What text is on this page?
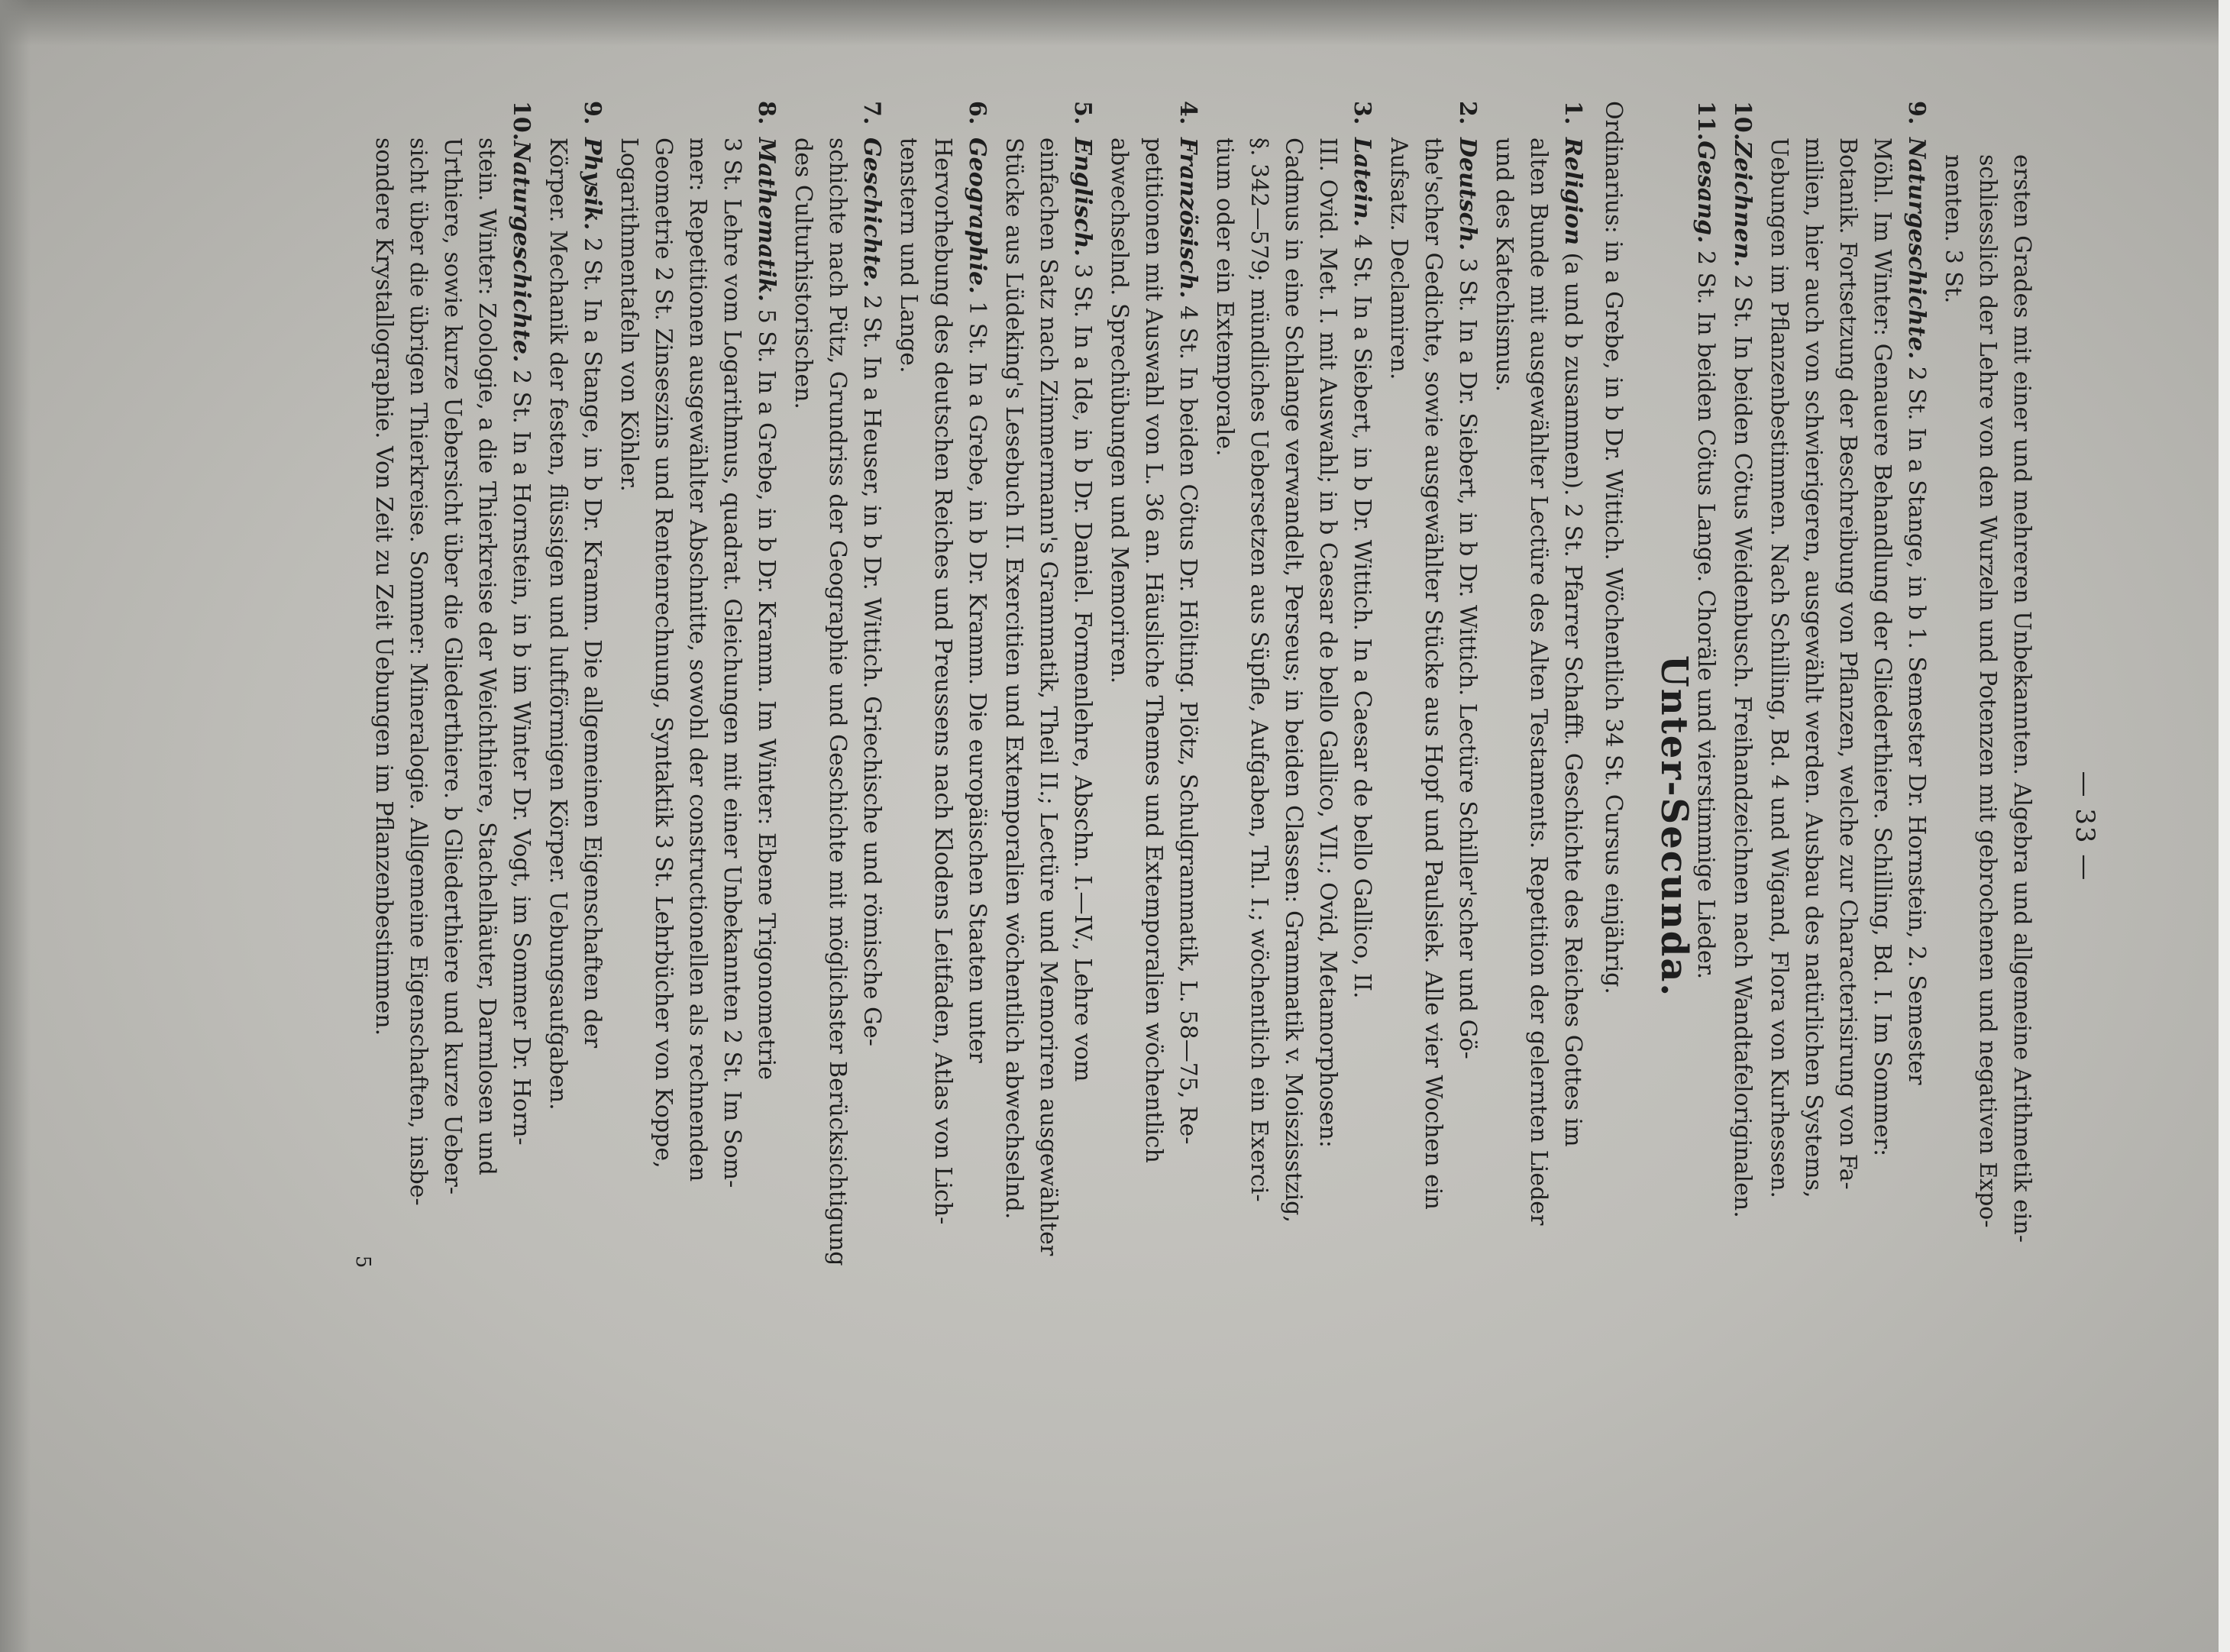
— 33 —
ersten Grades mit einer und mehreren Unbekannten. Algebra und allgemeine Arithmetik ein-
schliesslich der Lehre von den Wurzeln und Potenzen mit gebrochenen und negativen Expo-
nenten. 3 St.
9.Naturgeschichte. 2 St. In a Stange, in b 1. Semester Dr. Hornstein, 2. Semester
Möhl. Im Winter: Genauere Behandlung der Gliederthiere. Schilling, Bd. I. Im Sommer:
Botanik. Fortsetzung der Beschreibung von Pflanzen, welche zur Characterisirung von Fa-
milien, hier auch von schwierigeren, ausgewählt werden. Ausbau des natürlichen Systems,
Uebungen im Pflanzenbestimmen. Nach Schilling, Bd. 4 und Wigand, Flora von Kurhessen.
10.Zeichnen. 2 St. In beiden Cötus Weidenbusch. Freihandzeichnen nach Wandtafeloriginalen.
11.Gesang. 2 St. In beiden Cötus Lange. Choräle und vierstimmige Lieder.
Unter-Secunda.
Ordinarius: in a Grebe, in b Dr. Wittich. Wöchentlich 34 St. Cursus einjährig.
1.Religion (a und b zusammen). 2 St. Pfarrer Schafft. Geschichte des Reiches Gottes im
alten Bunde mit ausgewählter Lectüre des Alten Testaments. Repetition der gelernten Lieder
und des Katechismus.
2.Deutsch. 3 St. In a Dr. Siebert, in b Dr. Wittich. Lectüre Schiller'scher und Gö-
the'scher Gedichte, sowie ausgewählter Stücke aus Hopf und Paulsiek. Alle vier Wochen ein
Aufsatz. Declamiren.
3.Latein. 4 St. In a Siebert, in b Dr. Wittich. In a Caesar de bello Gallico, II.
III. Ovid. Met. I. mit Auswahl; in b Caesar de bello Gallico, VII.; Ovid, Metamorphosen:
Cadmus in eine Schlange verwandelt, Perseus; in beiden Classen: Grammatik v. Moiszisstzig,
§. 342—579; mündliches Uebersetzen aus Süpfle, Aufgaben, Thl. I.; wöchentlich ein Exerci-
tium oder ein Extemporale.
4.Französisch. 4 St. In beiden Cötus Dr. Hölting. Plötz, Schulgrammatik, L. 58—75, Re-
petitionen mit Auswahl von L. 36 an. Häusliche Themes und Extemporalien wöchentlich
abwechselnd. Sprechübungen und Memoriren.
5.Englisch. 3 St. In a Ide, in b Dr. Daniel. Formenlehre, Abschn. I.—IV., Lehre vom
einfachen Satz nach Zimmermann's Grammatik, Theil II.; Lectüre und Memoriren ausgewählter
Stücke aus Lüdeking's Lesebuch II. Exercitien und Extemporalien wöchentlich abwechselnd.
6.Geographie. 1 St. In a Grebe, in b Dr. Kramm. Die europäischen Staaten unter
Hervorhebung des deutschen Reiches und Preussens nach Klodens Leitfaden, Atlas von Lich-
tenstern und Lange.
7.Geschichte. 2 St. In a Heuser, in b Dr. Wittich. Griechische und römische Ge-
schichte nach Pütz, Grundriss der Geographie und Geschichte mit möglichster Berücksichtigung
des Culturhistorischen.
8.Mathematik. 5 St. In a Grebe, in b Dr. Kramm. Im Winter: Ebene Trigonometrie
3 St. Lehre vom Logarithmus, quadrat. Gleichungen mit einer Unbekannten 2 St. Im Som-
mer: Repetitionen ausgewählter Abschnitte, sowohl der constructionellen als rechnenden
Geometrie 2 St. Zinseszins und Rentenrechnung, Syntaktik 3 St. Lehrbücher von Koppe,
Logarithmentafeln von Köhler.
9.Physik. 2 St. In a Stange, in b Dr. Kramm. Die allgemeinen Eigenschaften der
Körper. Mechanik der festen, flüssigen und luftförmigen Körper. Uebungsaufgaben.
10.Naturgeschichte. 2 St. In a Hornstein, in b im Winter Dr. Vogt, im Sommer Dr. Horn-
stein. Winter: Zoologie, a die Thierkreise der Weichthiere, Stachelhäuter, Darmlosen und
Urthiere, sowie kurze Uebersicht über die Gliederthiere. b Gliederthiere und kurze Ueber-
sicht über die übrigen Thierkreise. Sommer: Mineralogie. Allgemeine Eigenschaften, insbe-
sondere Krystallographie. Von Zeit zu Zeit Uebungen im Pflanzenbestimmen.
5
